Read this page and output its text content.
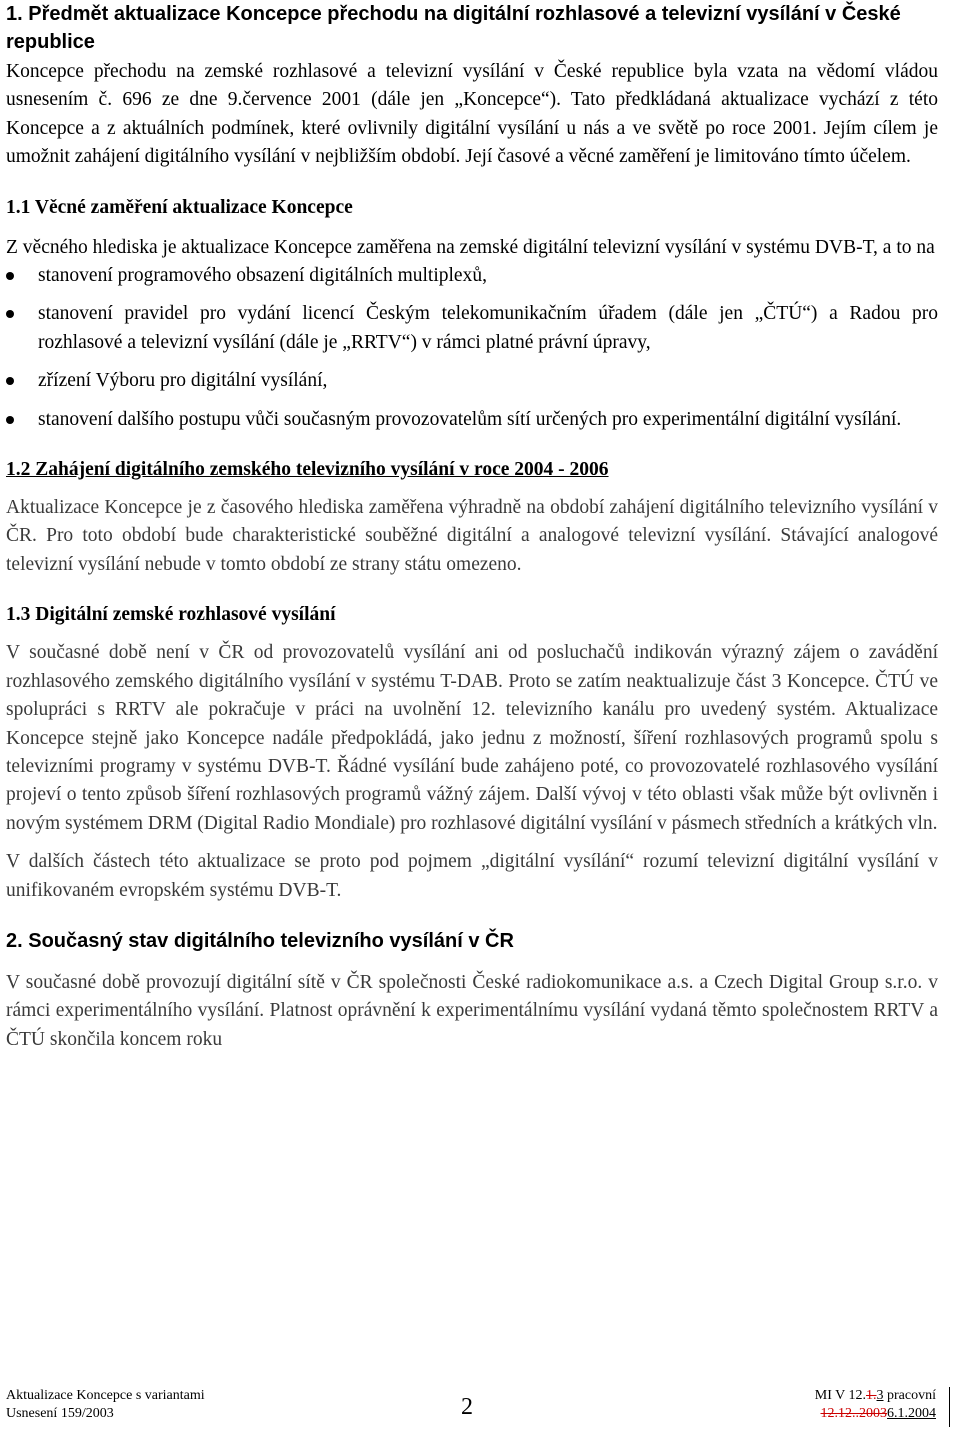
1. Předmět aktualizace Koncepce přechodu na digitální rozhlasové a televizní vysílání v České republice

Koncepce přechodu na zemské rozhlasové a televizní vysílání v České republice byla vzata na vědomí vládou usnesením č. 696 ze dne 9.července 2001 (dále jen „Koncepce“). Tato předkládaná aktualizace vychází z této Koncepce a z aktuálních podmínek, které ovlivnily digitální vysílání u nás a ve světě po roce 2001. Jejím cílem je umožnit zahájení digitálního vysílání v nejbližším období. Její časové a věcné zaměření je limitováno tímto účelem.

1.1 Věcné zaměření aktualizace Koncepce

Z věcného hlediska je aktualizace Koncepce zaměřena na zemské digitální televizní vysílání v systému DVB-T, a to na

stanovení programového obsazení digitálních multiplexů,
stanovení pravidel pro vydání licencí Českým telekomunikačním úřadem (dále jen „ČTÚ“) a Radou pro rozhlasové a televizní vysílání (dále je „RRTV“) v rámci platné právní úpravy,
zřízení Výboru pro digitální vysílání,
stanovení dalšího postupu vůči současným provozovatelům sítí určených pro experimentální digitální vysílání.
1.2 Zahájení digitálního zemského televizního vysílání v roce 2004 - 2006

Aktualizace Koncepce je z časového hlediska zaměřena výhradně na období zahájení digitálního televizního vysílání v ČR. Pro toto období bude charakteristické souběžné digitální a analogové televizní vysílání. Stávající analogové televizní vysílání nebude v tomto období ze strany státu omezeno.

1.3 Digitální zemské rozhlasové vysílání

V současné době není v ČR od provozovatelů vysílání ani od posluchačů indikován výrazný zájem o zavádění rozhlasového zemského digitálního vysílání v systému T-DAB. Proto se zatím neaktualizuje část 3 Koncepce. ČTÚ ve spolupráci s RRTV ale pokračuje v práci na uvolnění 12. televizního kanálu pro uvedený systém. Aktualizace Koncepce stejně jako Koncepce nadále předpokládá, jako jednu z možností, šíření rozhlasových programů spolu s televizními programy v systému DVB-T. Řádné vysílání bude zahájeno poté, co provozovatelé rozhlasového vysílání projeví o tento způsob šíření rozhlasových programů vážný zájem. Další vývoj v této oblasti však může být ovlivněn i novým systémem DRM (Digital Radio Mondiale) pro rozhlasové digitální vysílání v pásmech středních a krátkých vln.

V dalších částech této aktualizace se proto pod pojmem „digitální vysílání“ rozumí televizní digitální vysílání v unifikovaném evropském systému DVB-T.

2. Současný stav digitálního televizního vysílání v ČR

V současné době provozují digitální sítě v ČR společnosti České radiokomunikace a.s. a Czech Digital Group s.r.o. v rámci experimentálního vysílání. Platnost oprávnění k experimentálnímu vysílání vydaná těmto společnostem RRTV a ČTÚ skončila koncem roku

Aktualizace Koncepce s variantami
Usnesení 159/2003	2	MI V 12.1.3 pracovní
12.12..20036.1.2004
